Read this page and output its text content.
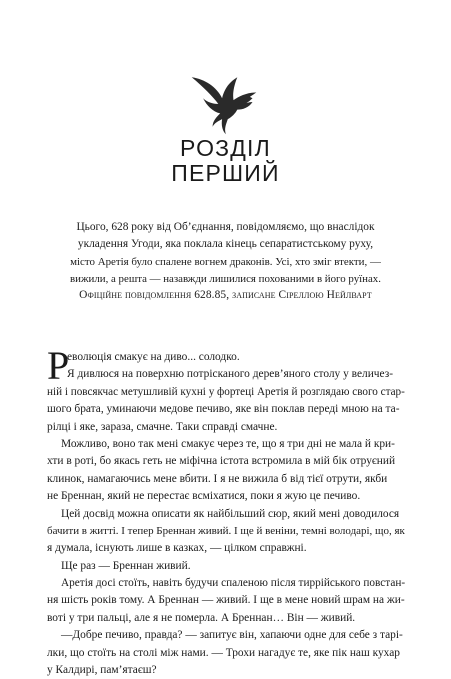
РОЗДІЛ
ПЕРШИЙ
Цього, 628 року від Об’єднання, повідомляємо, що внаслідок
укладення Угоди, яка поклала кінець сепаратистському руху,
місто Аретія було спалене вогнем драконів. Усі, хто зміг втекти, —
вижили, а решта — назавжди лишилися похованими в його руїнах.
Офіційне повідомлення 628.85, записане Сіреллою Нейлварт
Р
еволюція смакує на диво... солодко.
Я дивлюся на поверхню потрісканого дерев’яного столу у величез-
ній і повсякчас метушливій кухні у фортеці Аретія й розглядаю свого стар-
шого брата, уминаючи медове печиво, яке він поклав переді мною на та-
рілці і яке, зараза, смачне. Таки справді смачне.
Можливо, воно так мені смакує через те, що я три дні не мала й кри-
хти в роті, бо якась геть не міфічна істота встромила в мій бік отруєний
клинок, намагаючись мене вбити. І я не вижила б від тієї отрути, якби
не Бреннан, який не перестає всміхатися, поки я жую це печиво.
Цей досвід можна описати як найбільший сюр, який мені доводилося
бачити в житті. І тепер Бреннан живий. І ще й веніни, темні володарі, що, як
я думала, існують лише в казках, — цілком справжні.
Ще раз — Бреннан живий.
Аретія досі стоїть, навіть будучи спаленою після тиррійського повстан-
ня шість років тому. А Бреннан — живий. І ще в мене новий шрам на жи-
воті у три пальці, але я не померла. А Бреннан… Він — живий.
—Добре печиво, правда? — запитує він, хапаючи одне для себе з тарі-
лки, що стоїть на столі між нами. — Трохи нагадує те, яке пік наш кухар
у Калдирі, пам’ятаєш?
